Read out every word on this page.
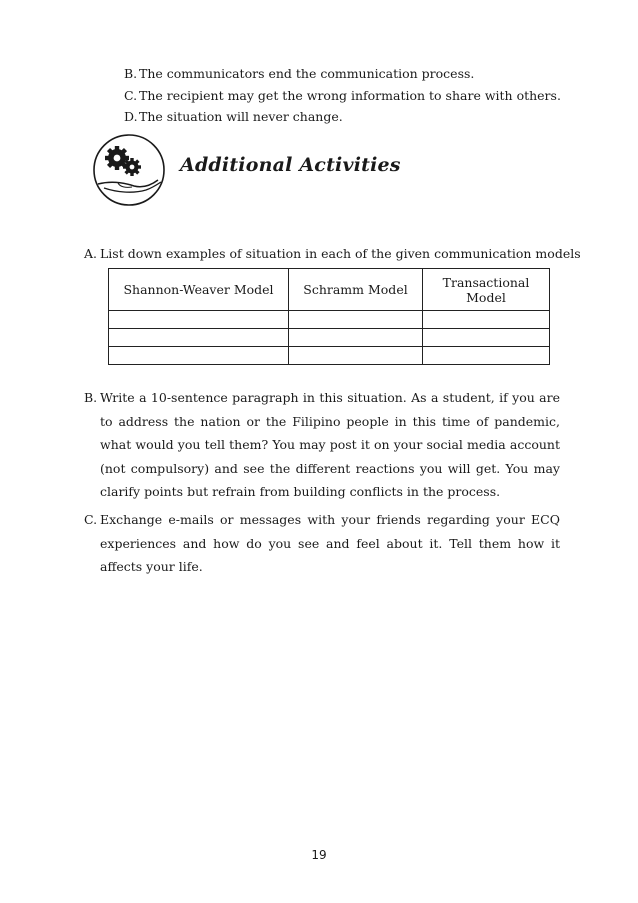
B. The communicators end the communication process.
C. The recipient may get the wrong information to share with others.
D.The situation will never change.
Additional Activities
A. List down examples of situation in each of the given communication models
Shannon-Weaver Model	Schramm Model	Transactional Model

B. Write a 10-sentence paragraph in this situation. As a student, if you are to address the nation or the Filipino people in this time of pandemic, what would you tell them? You may post it on your social media account (not compulsory) and see the different reactions you will get. You may clarify points but refrain from building conflicts in the process.
C. Exchange e-mails or messages with your friends regarding your ECQ experiences and how do you see and feel about it. Tell them how it affects your life.
19
